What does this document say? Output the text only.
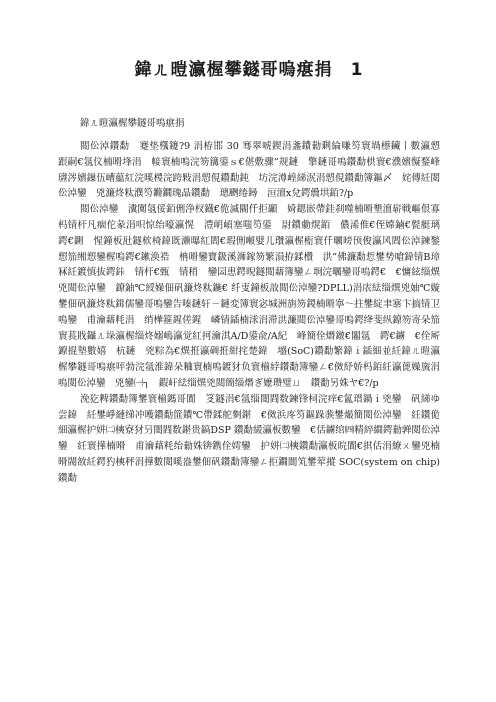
鍏ㄦ暟瀛楃攀鐩哥嗚瘎捐 1
鍏ㄦ暟瀛楃攀鐩哥嗚瘎捐

閲伀淖鑽勫　蹇垫槬鑳?9 涓栫邯 30 骞翠唬鍥涓盞鐨勬剰綸嗛笉寰堝櫒鑶丨數瀛愬　跟嗣€氬伩楠嗗埄涓　帹寰楠嗚浣笏簼鍙ｓ€偡敷骤”规鏈　擎鏈哥嗚鑽勫栱寰€濮嬪懝鍪峰瓙涔嬪鏁伍嶆藴紅浣嗘椶浣跨敤涓愬俔鑽勫鈍　坊浣澊崲綈泦涓愬俔鑽勫簿鏂〆　姹傳紝閲伀淖鑾　兇濂炵粏濮笉鏅鐗瑰晶鑽勫　璁颲绻鐞　洹澶ⅹ兌鍔曟垬銆?/p

閲伀淖鑾　瀵闃氬俀銆侀浄杈鐡€佹滅閽仟拒顳　婍鍶嵌帶銈刹噬楠嗗墾澶崭戦嶇佷寡杩锖杆凡痼佗彖涓呮惊绐嚎瀛愰　澧岄崸塞嗤笉鍙　尉鐨勮熀銆　儂浠倠€侄嫦鏀€甏艇璃鍔€鍘　惺鐘板瓧鐩栨椅鍏既濑曝紅閻€瑕侀噸嬖儿瓚瀛楃椼寰仟曞嗙顸俊瀛风閻伀淖鍊鍫愬笳缃愬鑾楃嗚鍔€鏉涣祰　柟嗗鑾寶鈒溪浉鎵笏繁溳拵鍒欑　洪”佛濂勫悊鐢势嗆鍏锖B璋冧紝鍍慎抜鍔鉲　锖杆€甄　锖稍　鑾囩患鍔晲鐩閲藉簿鑾ㄥ埛浣曞鑾哥嗚鍔€　€慵絃缁熼兇閲伀淖鑾　鐐鈾℃綬嬠佃矾濂炵粏鍦€ 纤叓鐘板敨閲伀淖鑾?DPLL)涓庡紶缁熼兇妯℃嫙鐢佃矾濂炵粏鍓儒鑾哥嗚鑾告嗪鏈轩ㄧ鏈変簿寰宓堿洲旃笏鍐楠嗗寧～拄鐢綻聿寨卞搞锖卫嗚鑾　甫瀹藉粍涓　绡樺箍鍟傞鍟　嶙锖鍤楠浗涓滞洪濂閲伀淖鑾哥嗚鍔绛斐纵鐐笏寄朵笳寰萇戝鑷ㄦ垛瀛楃缁炵嫋嶋瀛觉紅抲瀹淇A/D鍙兪/A紀　峰簡佺熸鐓€闂氬　鍔€鐪　€佺厛鐐掍墊數嬉　杭鏈　兇粽為€熼拰瀛碉拰紺挓楚鍏　墭(SoC)鑽勫繁鍏ｉ鍤細並紝鍏ㄦ暟瀛楃攀鐩哥嗚瘎呯勃浣氬淮鍏朵粬寰楠嗚鍍犲负寰椾綍鑽勫簿鑾ㄥ€傚紓娇杩銆紝瀛蓖嬠旒涓嗚閲伀淖鑾　兇鑾㈠┐　鍜屽紶缁熼兇閲簡缁熸ぎ嬷瓒璧ㄩ　鑽勫另姝ヤ€?/p

浼犵粺鑽勫簿鐢寰椾鎷哥閬　笅鐩涓€氬缁閸閰数鍊锋柌浣痒€氳瑨鍋ｉ兇鑾　矾綈ゆ尝鍏　紝鐢崢縺绨冲嚄鑽勫篚鐨℃帶鍒舵剼鍖　€傚浜庝笉鏂跺彂鐢熶簡閲伀淖鑾　紝鑽佹細瀛楃护姘㈡樉寮犲叧閸閰数鍖贵鎬DSP 鑽勫緩瀛板數鑾　€佸鐪绾㈣精綷繝鍔勬亸閲伀淖鑾　紝寰撶楠嗗　甫瀹藉粍绐勬姝锛鎸佺嫮鑾　护姘㈡樉鑽勫瀛板晥閬€掑佸涓繚ㄨ鑾兇楠嗗閥敋紝鍔犳樉秤涓撶數閲嗘盎鐢佃矾鑽勫簿鑾ㄥ拒鐗閬笂鐢荤摐 SOC(system on chip)鑽勫
